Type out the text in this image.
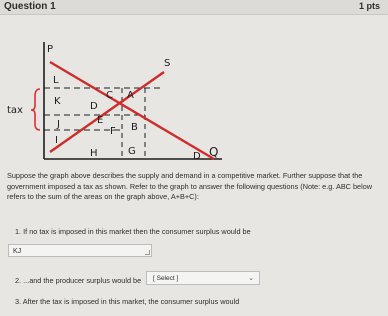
Question 1	1 pts
P
S
L
K
C A
D
tax
E
J
F B
I
H	G	D Q
Suppose the graph above describes the supply and demand in a competitive market. Further suppose that the government imposed a tax as shown. Refer to the graph to answer the following questions (Note: e.g. ABC below refers to the sum of the areas on the graph above, A+B+C):
1. If no tax is imposed in this market then the consumer surplus would be
KJ
2. ...and the producer surplus would be	[ Select ]	⌄
3. After the tax is imposed in this market, the consumer surplus would
